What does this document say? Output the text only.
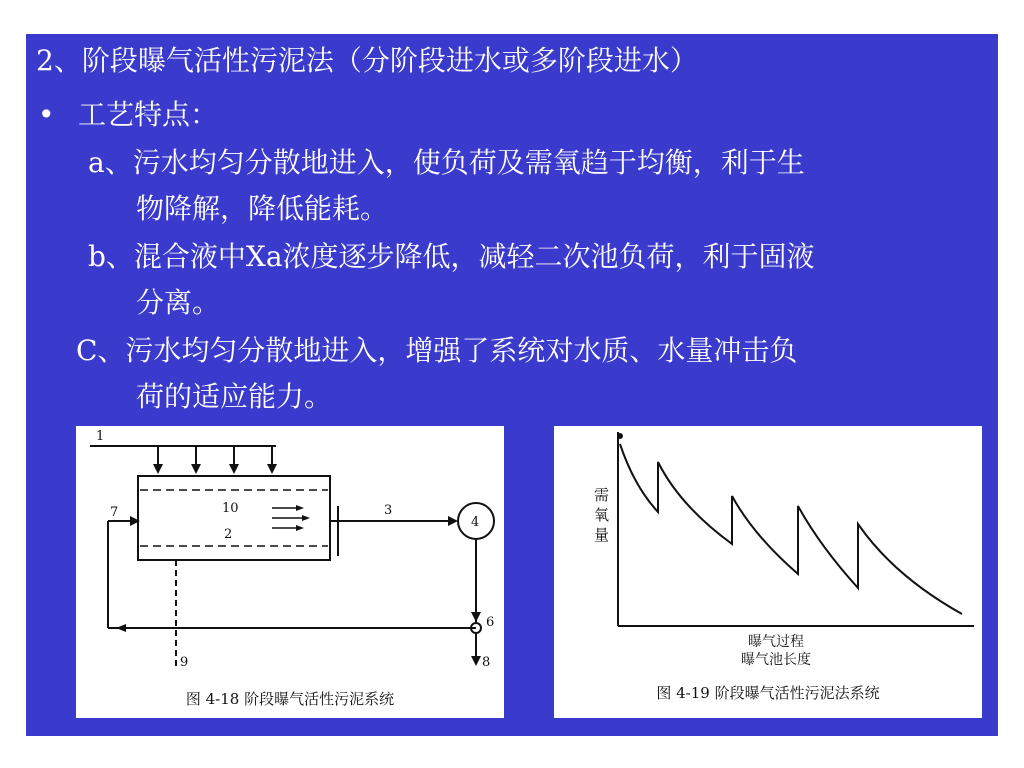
2、阶段曝气活性污泥法（分阶段进水或多阶段进水）
• 工艺特点：
a、污水均匀分散地进入，使负荷及需氧趋于均衡，利于生
物降解，降低能耗。
b、混合液中Xa浓度逐步降低，减轻二次池负荷，利于固液
分离。
C、污水均匀分散地进入，增强了系统对水质、水量冲击负
荷的适应能力。
1
2
3
4
6
7
8
9
10
图 4-18 阶段曝气活性污泥系统
需
氧
量
曝气过程
曝气池长度
图 4-19 阶段曝气活性污泥法系统
